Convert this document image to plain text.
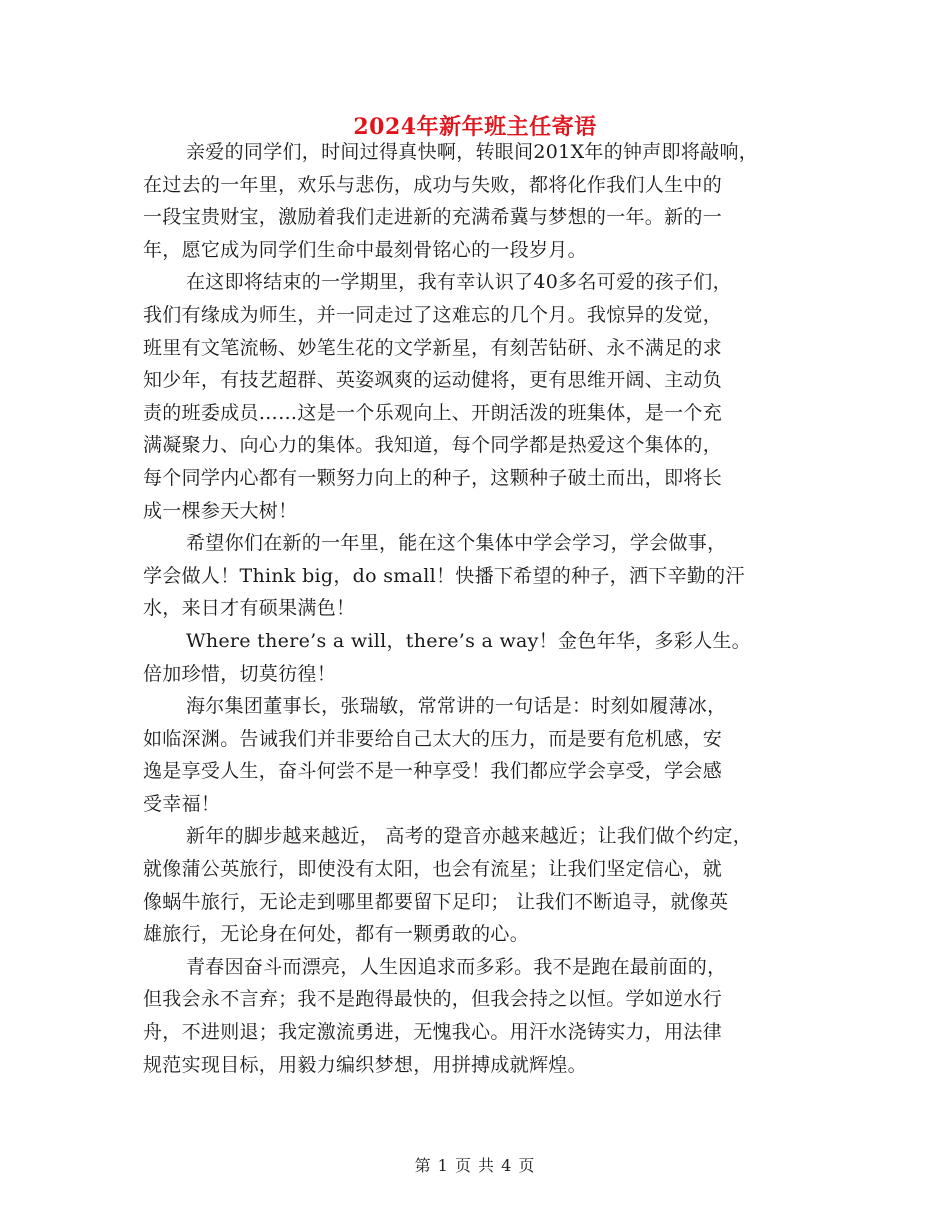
2024年新年班主任寄语
亲爱的同学们，时间过得真快啊，转眼间201X年的钟声即将敲响，
在过去的一年里，欢乐与悲伤，成功与失败，都将化作我们人生中的
一段宝贵财宝，激励着我们走进新的充满希冀与梦想的一年。新的一
年，愿它成为同学们生命中最刻骨铭心的一段岁月。
在这即将结束的一学期里，我有幸认识了40多名可爱的孩子们，
我们有缘成为师生，并一同走过了这难忘的几个月。我惊异的发觉，
班里有文笔流畅、妙笔生花的文学新星，有刻苦钻研、永不满足的求
知少年，有技艺超群、英姿飒爽的运动健将，更有思维开阔、主动负
责的班委成员……这是一个乐观向上、开朗活泼的班集体，是一个充
满凝聚力、向心力的集体。我知道，每个同学都是热爱这个集体的，
每个同学内心都有一颗努力向上的种子，这颗种子破土而出，即将长
成一棵参天大树！
希望你们在新的一年里，能在这个集体中学会学习，学会做事，
学会做人！Think big，do small！快播下希望的种子，洒下辛勤的汗
水，来日才有硕果满色！
Where there’s a will，there’s a way！金色年华，多彩人生。
倍加珍惜，切莫彷徨！
海尔集团董事长，张瑞敏，常常讲的一句话是：时刻如履薄冰，
如临深渊。告诫我们并非要给自己太大的压力，而是要有危机感，安
逸是享受人生，奋斗何尝不是一种享受！我们都应学会享受，学会感
受幸福！
新年的脚步越来越近， 高考的跫音亦越来越近；让我们做个约定，
就像蒲公英旅行，即使没有太阳，也会有流星；让我们坚定信心，就
像蜗牛旅行，无论走到哪里都要留下足印； 让我们不断追寻，就像英
雄旅行，无论身在何处，都有一颗勇敢的心。
青春因奋斗而漂亮，人生因追求而多彩。我不是跑在最前面的，
但我会永不言弃；我不是跑得最快的，但我会持之以恒。学如逆水行
舟，不进则退；我定激流勇进，无愧我心。用汗水浇铸实力，用法律
规范实现目标，用毅力编织梦想，用拼搏成就辉煌。
第 1 页 共 4 页
